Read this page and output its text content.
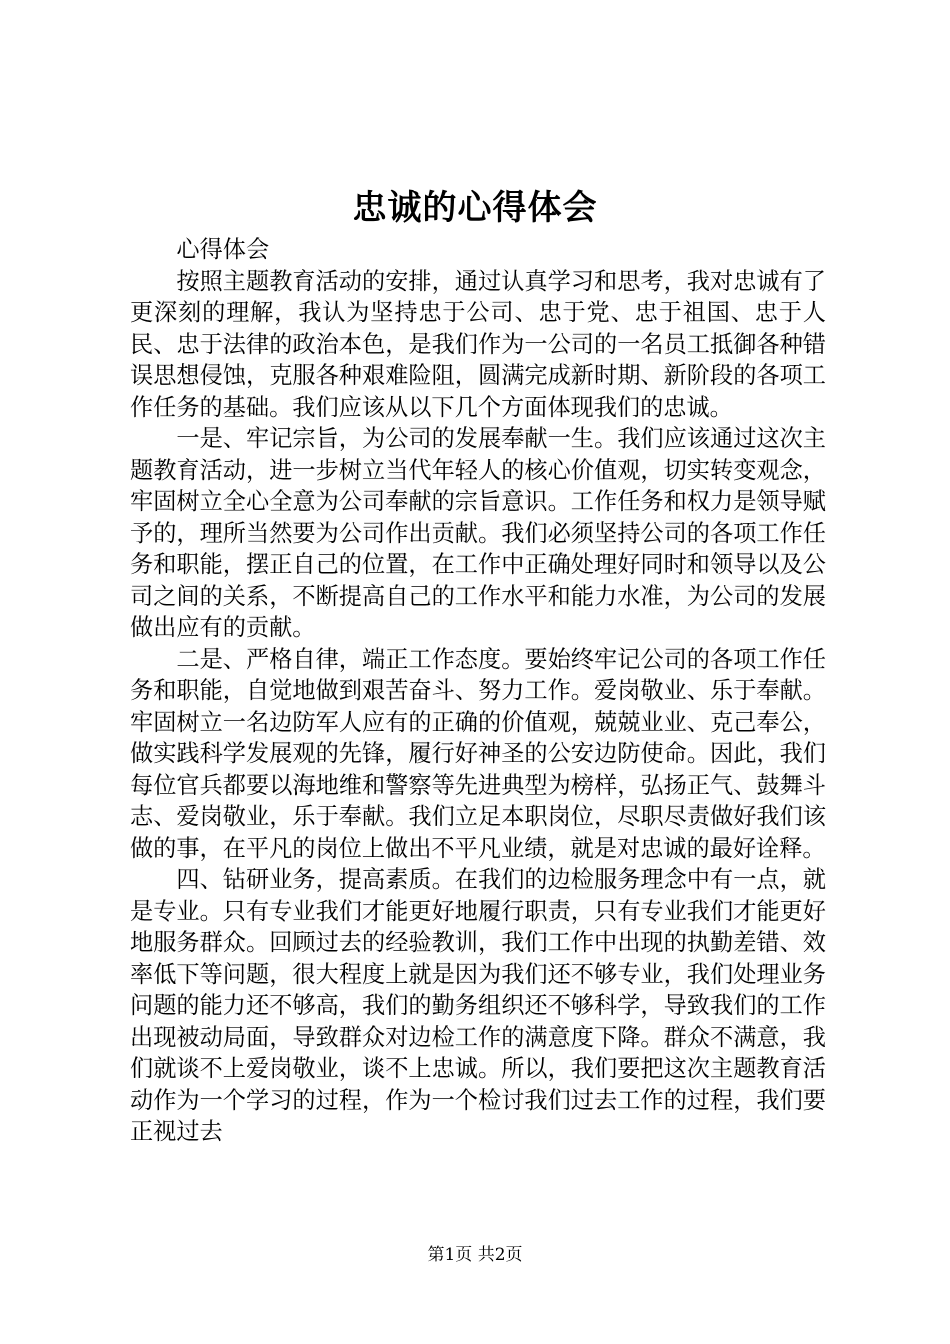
忠诚的心得体会

心得体会

按照主题教育活动的安排，通过认真学习和思考，我对忠诚有了更深刻的理解，我认为坚持忠于公司、忠于党、忠于祖国、忠于人民、忠于法律的政治本色，是我们作为一公司的一名员工抵御各种错误思想侵蚀，克服各种艰难险阻，圆满完成新时期、新阶段的各项工作任务的基础。我们应该从以下几个方面体现我们的忠诚。

一是、牢记宗旨，为公司的发展奉献一生。我们应该通过这次主题教育活动，进一步树立当代年轻人的核心价值观，切实转变观念，牢固树立全心全意为公司奉献的宗旨意识。工作任务和权力是领导赋予的，理所当然要为公司作出贡献。我们必须坚持公司的各项工作任务和职能，摆正自己的位置，在工作中正确处理好同时和领导以及公司之间的关系，不断提高自己的工作水平和能力水准，为公司的发展做出应有的贡献。

二是、严格自律，端正工作态度。要始终牢记公司的各项工作任务和职能，自觉地做到艰苦奋斗、努力工作。爱岗敬业、乐于奉献。牢固树立一名边防军人应有的正确的价值观，兢兢业业、克己奉公，做实践科学发展观的先锋，履行好神圣的公安边防使命。因此，我们每位官兵都要以海地维和警察等先进典型为榜样，弘扬正气、鼓舞斗志、爱岗敬业，乐于奉献。我们立足本职岗位，尽职尽责做好我们该做的事，在平凡的岗位上做出不平凡业绩，就是对忠诚的最好诠释。

四、钻研业务，提高素质。在我们的边检服务理念中有一点，就是专业。只有专业我们才能更好地履行职责，只有专业我们才能更好地服务群众。回顾过去的经验教训，我们工作中出现的执勤差错、效率低下等问题，很大程度上就是因为我们还不够专业，我们处理业务问题的能力还不够高，我们的勤务组织还不够科学，导致我们的工作出现被动局面，导致群众对边检工作的满意度下降。群众不满意，我们就谈不上爱岗敬业，谈不上忠诚。所以，我们要把这次主题教育活动作为一个学习的过程，作为一个检讨我们过去工作的过程，我们要正视过去

第1页 共2页
